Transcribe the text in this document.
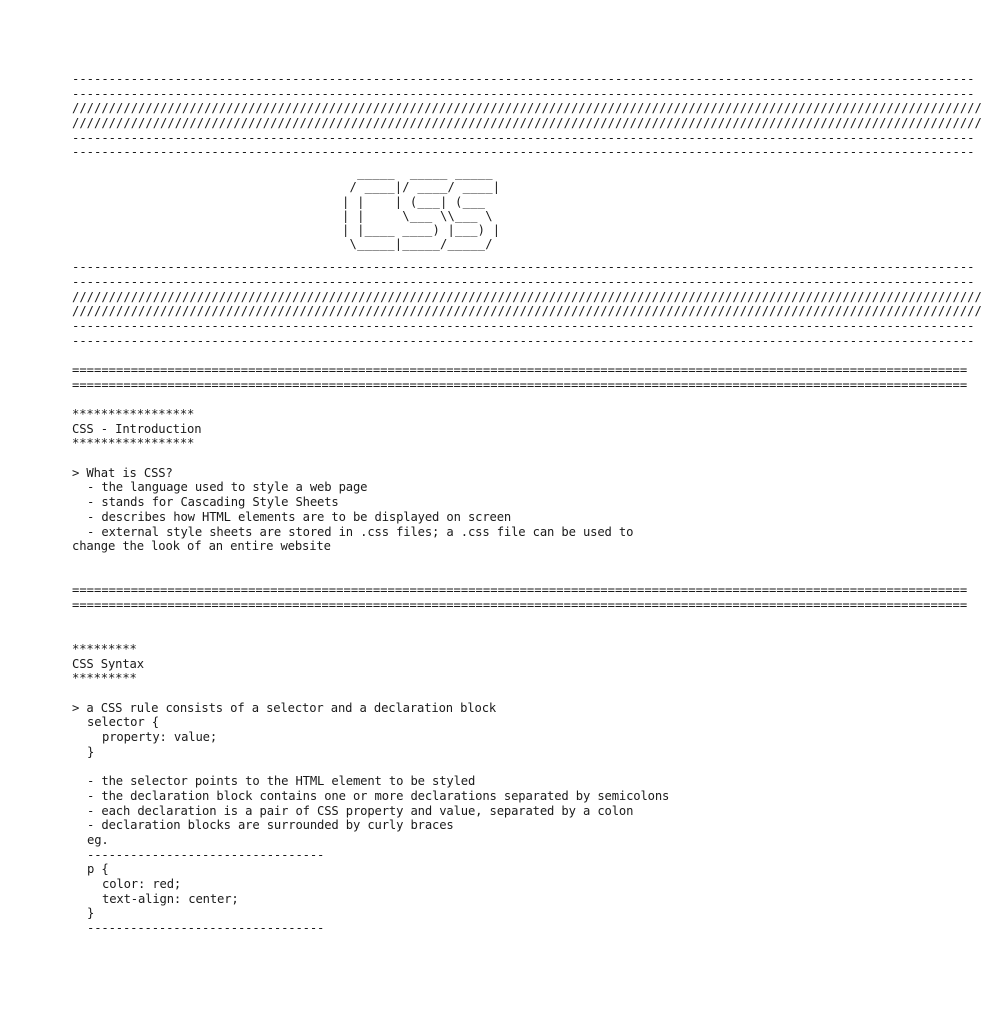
---------------------------------------------------------------------------------------------------------------------------
---------------------------------------------------------------------------------------------------------------------------
////////////////////////////////////////////////////////////////////////////////////////////////////////////////////////////
////////////////////////////////////////////////////////////////////////////////////////////////////////////////////////////
---------------------------------------------------------------------------------------------------------------------------
---------------------------------------------------------------------------------------------------------------------------
_____  _____ _____
/ ____|/ ____/ ____|
| |    | (___| (___
| |     \___ \\___ \
| |____ ____) |___) |
\_____|_____/_____/
---------------------------------------------------------------------------------------------------------------------------
---------------------------------------------------------------------------------------------------------------------------
////////////////////////////////////////////////////////////////////////////////////////////////////////////////////////////
////////////////////////////////////////////////////////////////////////////////////////////////////////////////////////////
---------------------------------------------------------------------------------------------------------------------------
---------------------------------------------------------------------------------------------------------------------------
==========================================================================================================================
==========================================================================================================================
*****************
CSS - Introduction
*****************
> What is CSS?
- the language used to style a web page
- stands for Cascading Style Sheets
- describes how HTML elements are to be displayed on screen
- external style sheets are stored in .css files; a .css file can be used to
change the look of an entire website
==========================================================================================================================
==========================================================================================================================
*********
CSS Syntax
*********
> a CSS rule consists of a selector and a declaration block
selector {
property: value;
}
- the selector points to the HTML element to be styled
- the declaration block contains one or more declarations separated by semicolons
- each declaration is a pair of CSS property and value, separated by a colon
- declaration blocks are surrounded by curly braces
eg.
---------------------------------
p {
color: red;
text-align: center;
}
---------------------------------
